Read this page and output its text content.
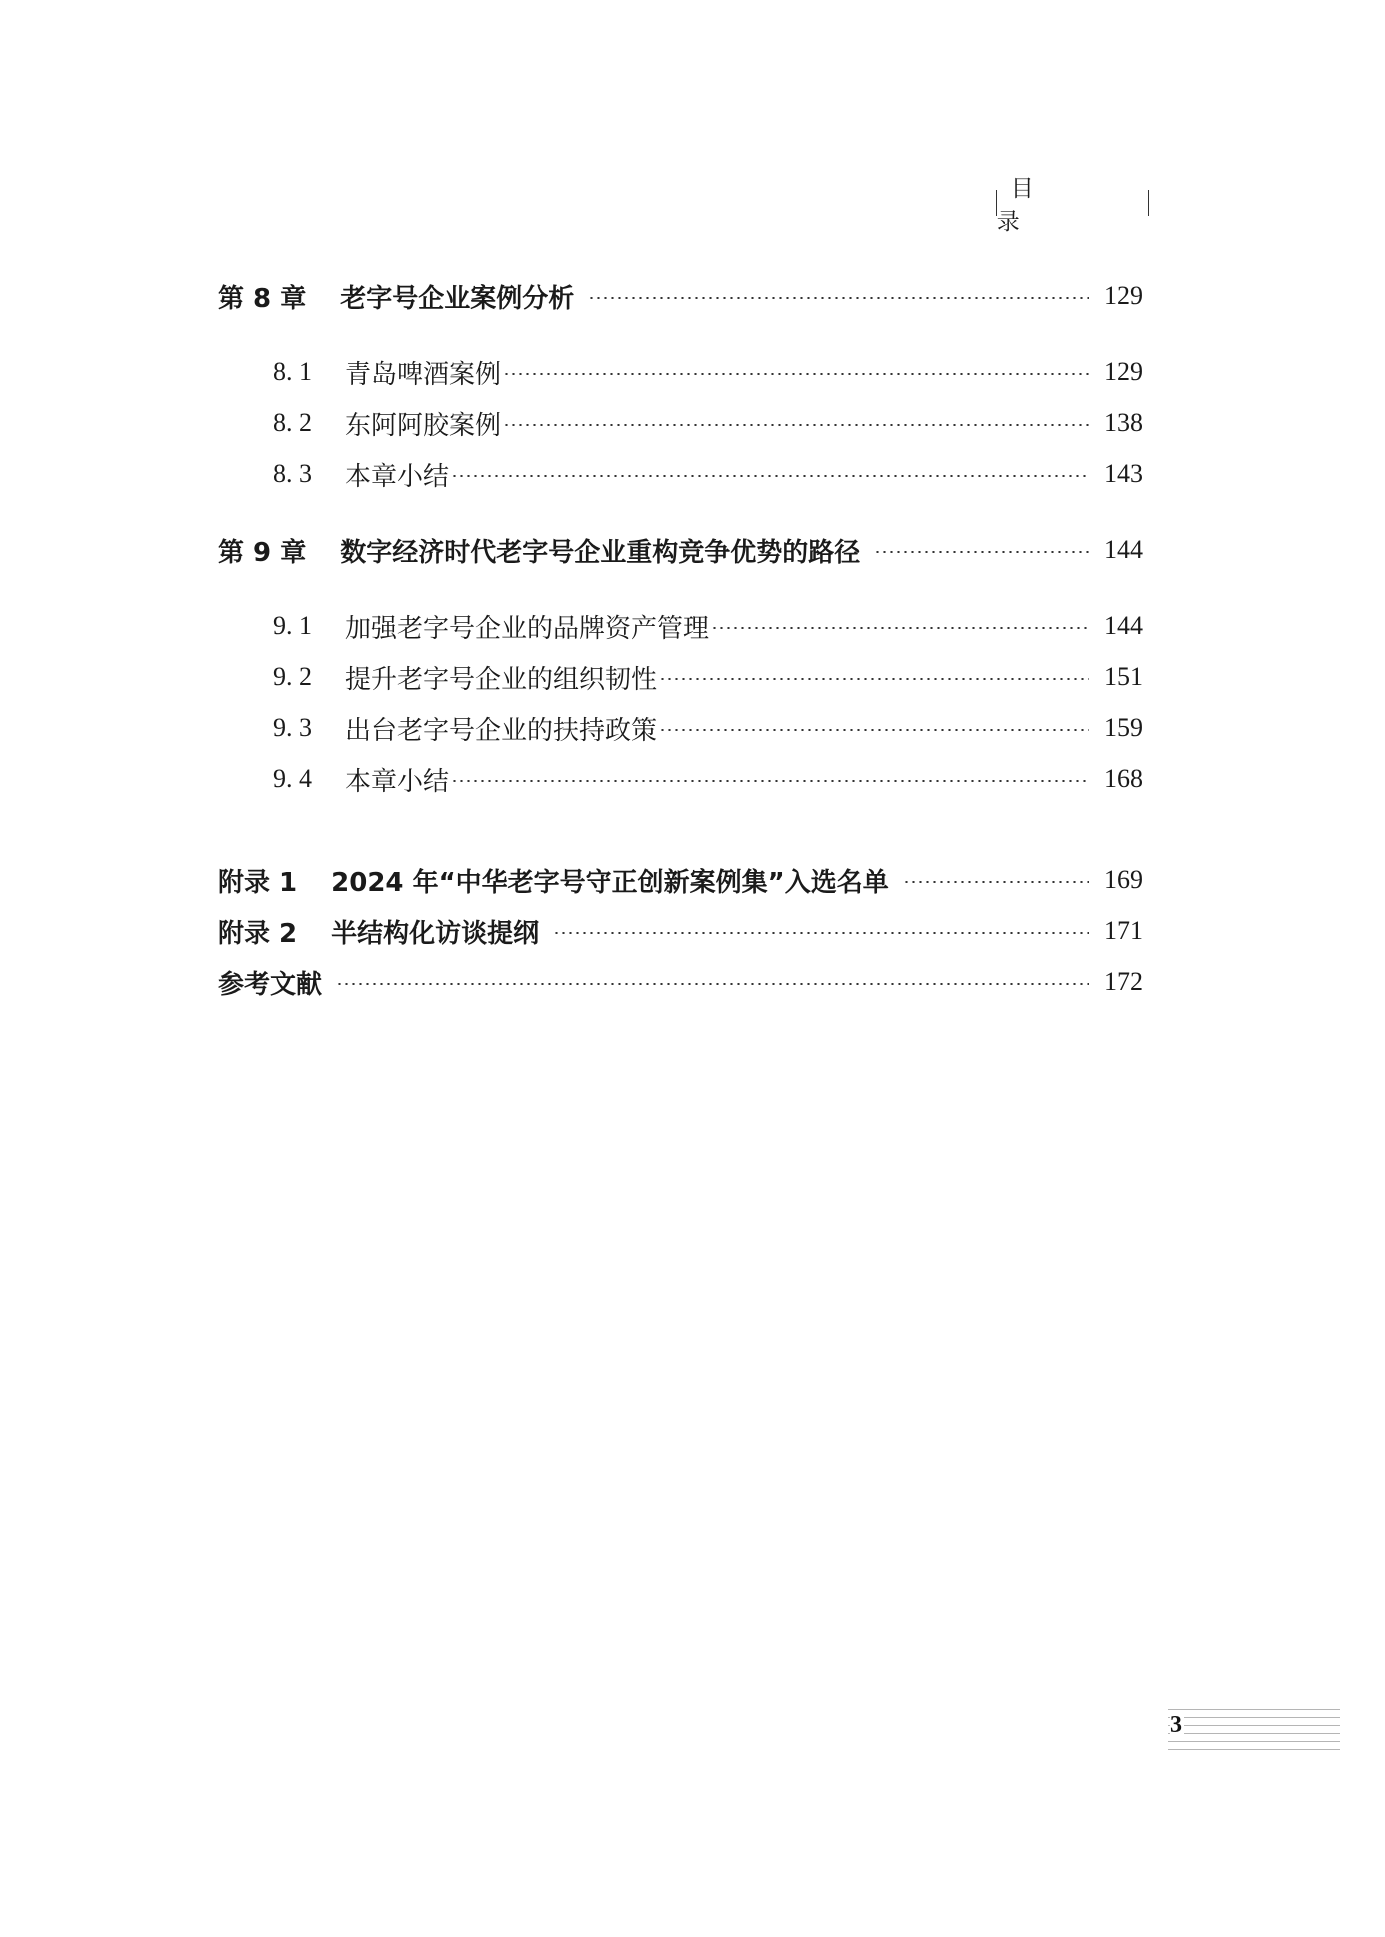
目 录
第 8 章 老字号企业案例分析	129
8. 1	青岛啤酒案例	129
8. 2	东阿阿胶案例	138
8. 3	本章小结	143
第 9 章 数字经济时代老字号企业重构竞争优势的路径	144
9. 1	加强老字号企业的品牌资产管理	144
9. 2	提升老字号企业的组织韧性	151
9. 3	出台老字号企业的扶持政策	159
9. 4	本章小结	168
附录 1 2024 年“中华老字号守正创新案例集”入选名单	169
附录 2 半结构化访谈提纲	171
参考文献	172
3
